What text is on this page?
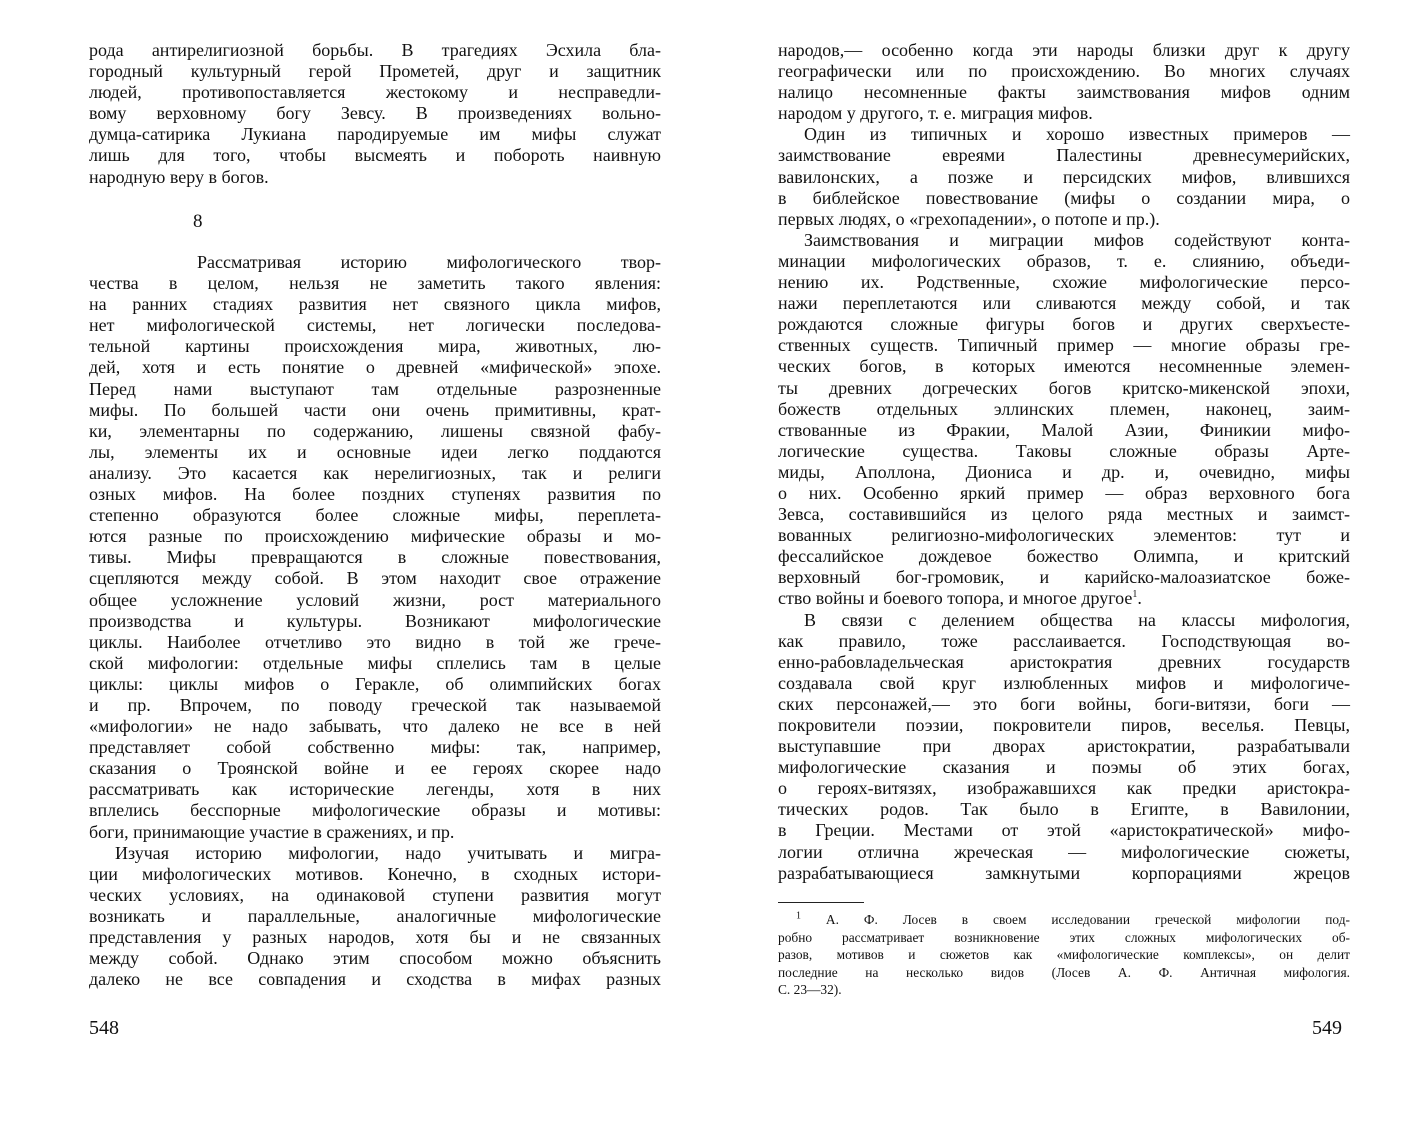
рода антирелигиозной борьбы. В трагедиях Эсхила бла-
городный культурный герой Прометей, друг и защитник
людей, противопоставляется жестокому и несправедли-
вому верховному богу Зевсу. В произведениях вольно-
думца-сатирика Лукиана пародируемые им мифы служат
лишь для того, чтобы высмеять и побороть наивную
народную веру в богов.
8
Рассматривая историю мифологического твор-
чества в целом, нельзя не заметить такого явления:
на ранних стадиях развития нет связного цикла мифов,
нет мифологической системы, нет логически последова-
тельной картины происхождения мира, животных, лю-
дей, хотя и есть понятие о древней «мифической» эпохе.
Перед нами выступают там отдельные разрозненные
мифы. По большей части они очень примитивны, крат-
ки, элементарны по содержанию, лишены связной фабу-
лы, элементы их и основные идеи легко поддаются
анализу. Это касается как нерелигиозных, так и религи
озных мифов. На более поздних ступенях развития по
степенно образуются более сложные мифы, переплета-
ются разные по происхождению мифические образы и мо-
тивы. Мифы превращаются в сложные повествования,
сцепляются между собой. В этом находит свое отражение
общее усложнение условий жизни, рост материального
производства и культуры. Возникают мифологические
циклы. Наиболее отчетливо это видно в той же грече-
ской мифологии: отдельные мифы сплелись там в целые
циклы: циклы мифов о Геракле, об олимпийских богах
и пр. Впрочем, по поводу греческой так называемой
«мифологии» не надо забывать, что далеко не все в ней
представляет собой собственно мифы: так, например,
сказания о Троянской войне и ее героях скорее надо
рассматривать как исторические легенды, хотя в них
вплелись бесспорные мифологические образы и мотивы:
боги, принимающие участие в сражениях, и пр.
Изучая историю мифологии, надо учитывать и мигра-
ции мифологических мотивов. Конечно, в сходных истори-
ческих условиях, на одинаковой ступени развития могут
возникать и параллельные, аналогичные мифологические
представления у разных народов, хотя бы и не связанных
между собой. Однако этим способом можно объяснить
далеко не все совпадения и сходства в мифах разных
548
народов,— особенно когда эти народы близки друг к другу
географически или по происхождению. Во многих случаях
налицо несомненные факты заимствования мифов одним
народом у другого, т. е. миграция мифов.
Один из типичных и хорошо известных примеров —
заимствование евреями Палестины древнесумерийских,
вавилонских, а позже и персидских мифов, влившихся
в библейское повествование (мифы о создании мира, о
первых людях, о «грехопадении», о потопе и пр.).
Заимствования и миграции мифов содействуют конта-
минации мифологических образов, т. е. слиянию, объеди-
нению их. Родственные, схожие мифологические персо-
нажи переплетаются или сливаются между собой, и так
рождаются сложные фигуры богов и других сверхъесте-
ственных существ. Типичный пример — многие образы гре-
ческих богов, в которых имеются несомненные элемен-
ты древних догреческих богов критско-микенской эпохи,
божеств отдельных эллинских племен, наконец, заим-
ствованные из Фракии, Малой Азии, Финикии мифо-
логические существа. Таковы сложные образы Арте-
миды, Аполлона, Диониса и др. и, очевидно, мифы
о них. Особенно яркий пример — образ верховного бога
Зевса, составившийся из целого ряда местных и заимст-
вованных религиозно-мифологических элементов: тут и
фессалийское дождевое божество Олимпа, и критский
верховный бог-громовик, и карийско-малоазиатское боже-
ство войны и боевого топора, и многое другое$^1$.
В связи с делением общества на классы мифология,
как правило, тоже расслаивается. Господствующая во-
енно-рабовладельческая аристократия древних государств
создавала свой круг излюбленных мифов и мифологиче-
ских персонажей,— это боги войны, боги-витязи, боги —
покровители поэзии, покровители пиров, веселья. Певцы,
выступавшие при дворах аристократии, разрабатывали
мифологические сказания и поэмы об этих богах,
о героях-витязях, изображавшихся как предки аристокра-
тических родов. Так было в Египте, в Вавилонии,
в Греции. Местами от этой «аристократической» мифо-
логии отлична жреческая — мифологические сюжеты,
разрабатывающиеся замкнутыми корпорациями жрецов
$^1$ А. Ф. Лосев в своем исследовании греческой мифологии под-
робно рассматривает возникновение этих сложных мифологических об-
разов, мотивов и сюжетов как «мифологические комплексы», он делит
последние на несколько видов (Лосев А. Ф. Античная мифология.
С. 23—32).
549
